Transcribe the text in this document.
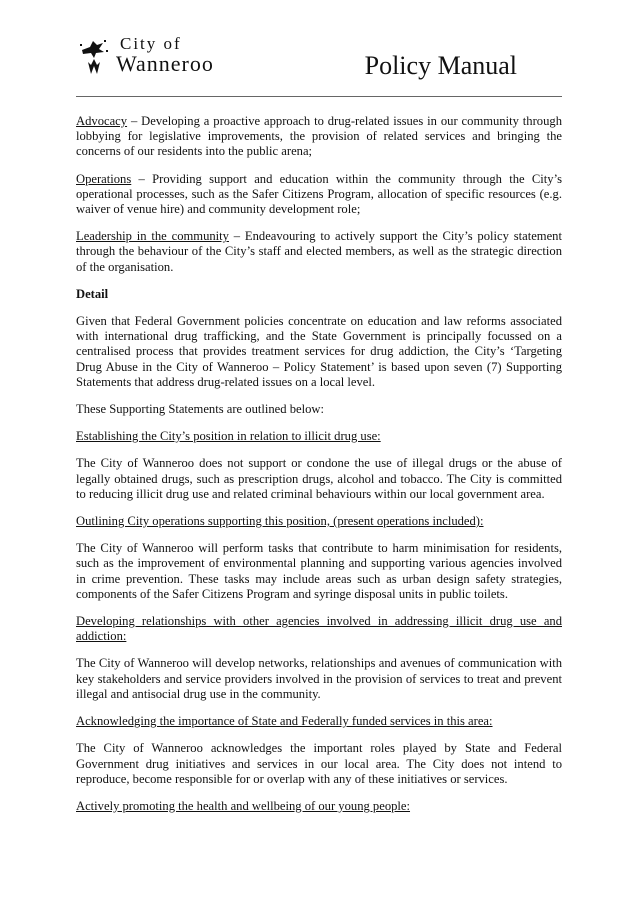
City of
Wanneroo	Policy Manual

Advocacy – Developing a proactive approach to drug-related issues in our community through lobbying for legislative improvements, the provision of related services and bringing the concerns of our residents into the public arena;

Operations – Providing support and education within the community through the City’s operational processes, such as the Safer Citizens Program, allocation of specific resources (e.g. waiver of venue hire) and community development role;

Leadership in the community – Endeavouring to actively support the City’s policy statement through the behaviour of the City’s staff and elected members, as well as the strategic direction of the organisation.

Detail

Given that Federal Government policies concentrate on education and law reforms associated with international drug trafficking, and the State Government is principally focussed on a centralised process that provides treatment services for drug addiction, the City’s ‘Targeting Drug Abuse in the City of Wanneroo – Policy Statement’ is based upon seven (7) Supporting Statements that address drug-related issues on a local level.

These Supporting Statements are outlined below:

Establishing the City’s position in relation to illicit drug use:

The City of Wanneroo does not support or condone the use of illegal drugs or the abuse of legally obtained drugs, such as prescription drugs, alcohol and tobacco. The City is committed to reducing illicit drug use and related criminal behaviours within our local government area.

Outlining City operations supporting this position, (present operations included):

The City of Wanneroo will perform tasks that contribute to harm minimisation for residents, such as the improvement of environmental planning and supporting various agencies involved in crime prevention. These tasks may include areas such as urban design safety strategies, components of the Safer Citizens Program and syringe disposal units in public toilets.

Developing relationships with other agencies involved in addressing illicit drug use and addiction:

The City of Wanneroo will develop networks, relationships and avenues of communication with key stakeholders and service providers involved in the provision of services to treat and prevent illegal and antisocial drug use in the community.

Acknowledging the importance of State and Federally funded services in this area:

The City of Wanneroo acknowledges the important roles played by State and Federal Government drug initiatives and services in our local area. The City does not intend to reproduce, become responsible for or overlap with any of these initiatives or services.

Actively promoting the health and wellbeing of our young people:
